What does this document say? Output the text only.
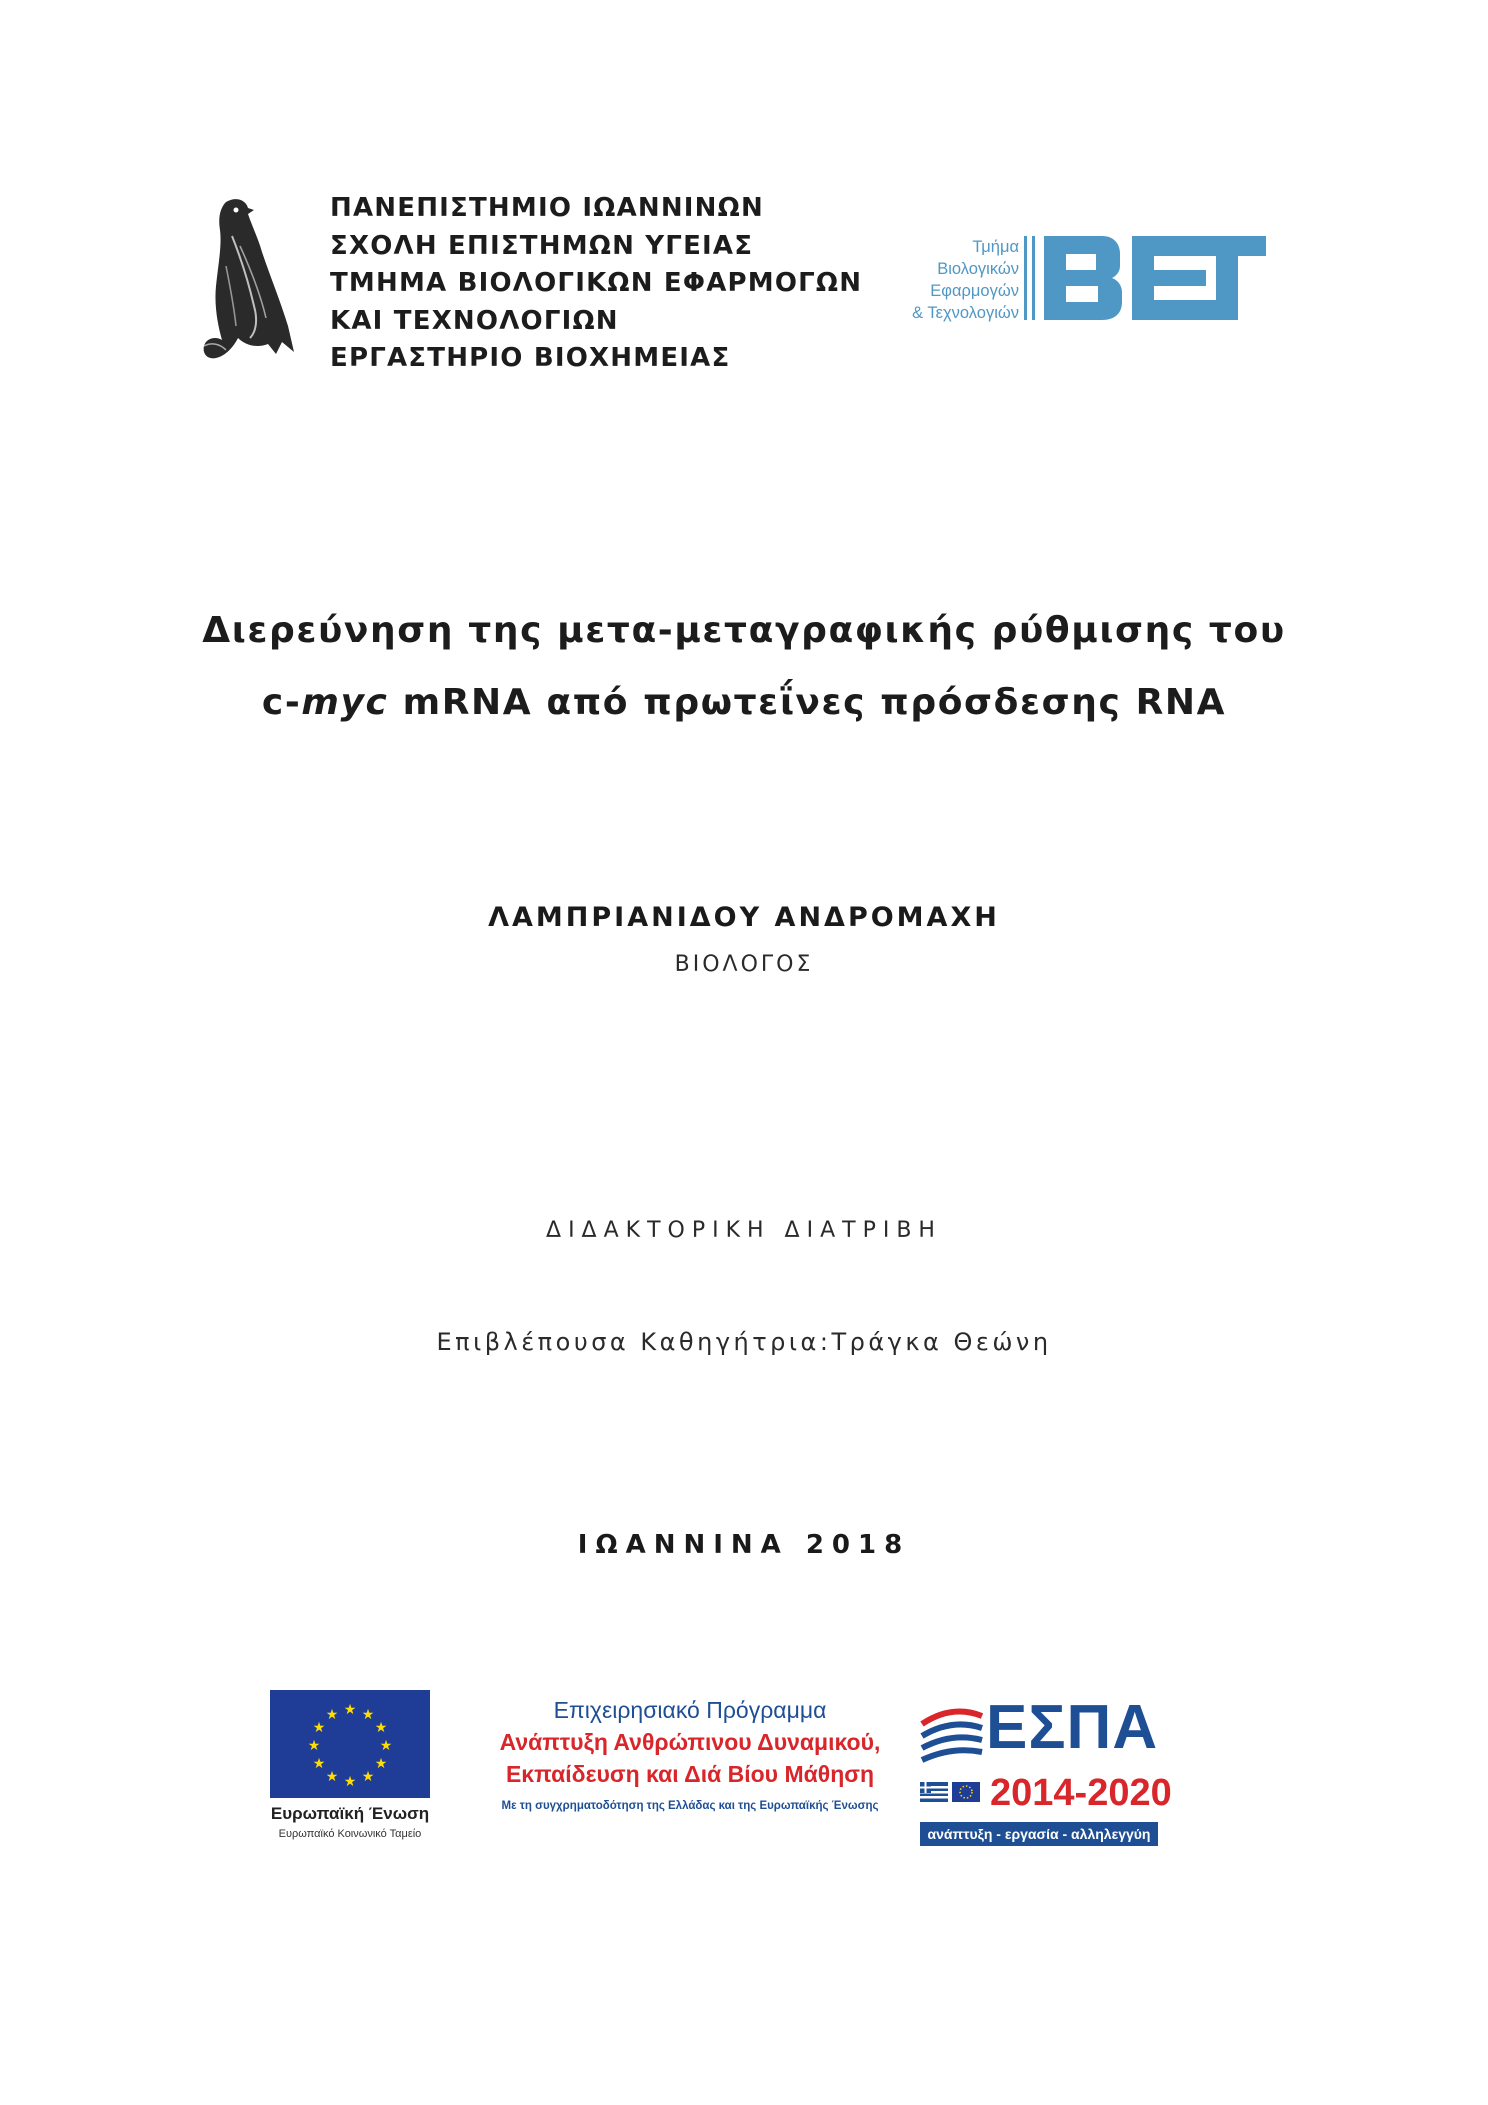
ΠΑΝΕΠΙΣΤΗΜΙΟ ΙΩΑΝΝΙΝΩΝ
ΣΧΟΛΗ ΕΠΙΣΤΗΜΩΝ ΥΓΕΙΑΣ
ΤΜΗΜΑ ΒΙΟΛΟΓΙΚΩΝ ΕΦΑΡΜΟΓΩΝ
ΚΑΙ ΤΕΧΝΟΛΟΓΙΩΝ
ΕΡΓΑΣΤΗΡΙΟ ΒΙΟΧΗΜΕΙΑΣ
Τμήμα
Βιολογικών
Εφαρμογών
& Τεχνολογιών
Διερεύνηση της μετα-μεταγραφικής ρύθμισης του
c-myc mRNA από πρωτεΐνες πρόσδεσης RNA
ΛΑΜΠΡΙΑΝΙΔΟΥ ΑΝΔΡΟΜΑΧΗ
ΒΙΟΛΟΓΟΣ
ΔΙΔΑΚΤΟΡΙΚΗ ΔΙΑΤΡΙΒΗ
Επιβλέπουσα Καθηγήτρια:Τράγκα Θεώνη
ΙΩΑΝΝΙΝΑ 2018
★ ★
★
★
★
★
★
★
★
★
★
★
Ευρωπαϊκή Ένωση
Ευρωπαϊκό Κοινωνικό Ταμείο
Επιχειρησιακό Πρόγραμμα
Ανάπτυξη Ανθρώπινου Δυναμικού,
Εκπαίδευση και Διά Βίου Μάθηση
Με τη συγχρηματοδότηση της Ελλάδας και της Ευρωπαϊκής Ένωσης
ΕΣΠΑ
2014-2020
ανάπτυξη - εργασία - αλληλεγγύη
